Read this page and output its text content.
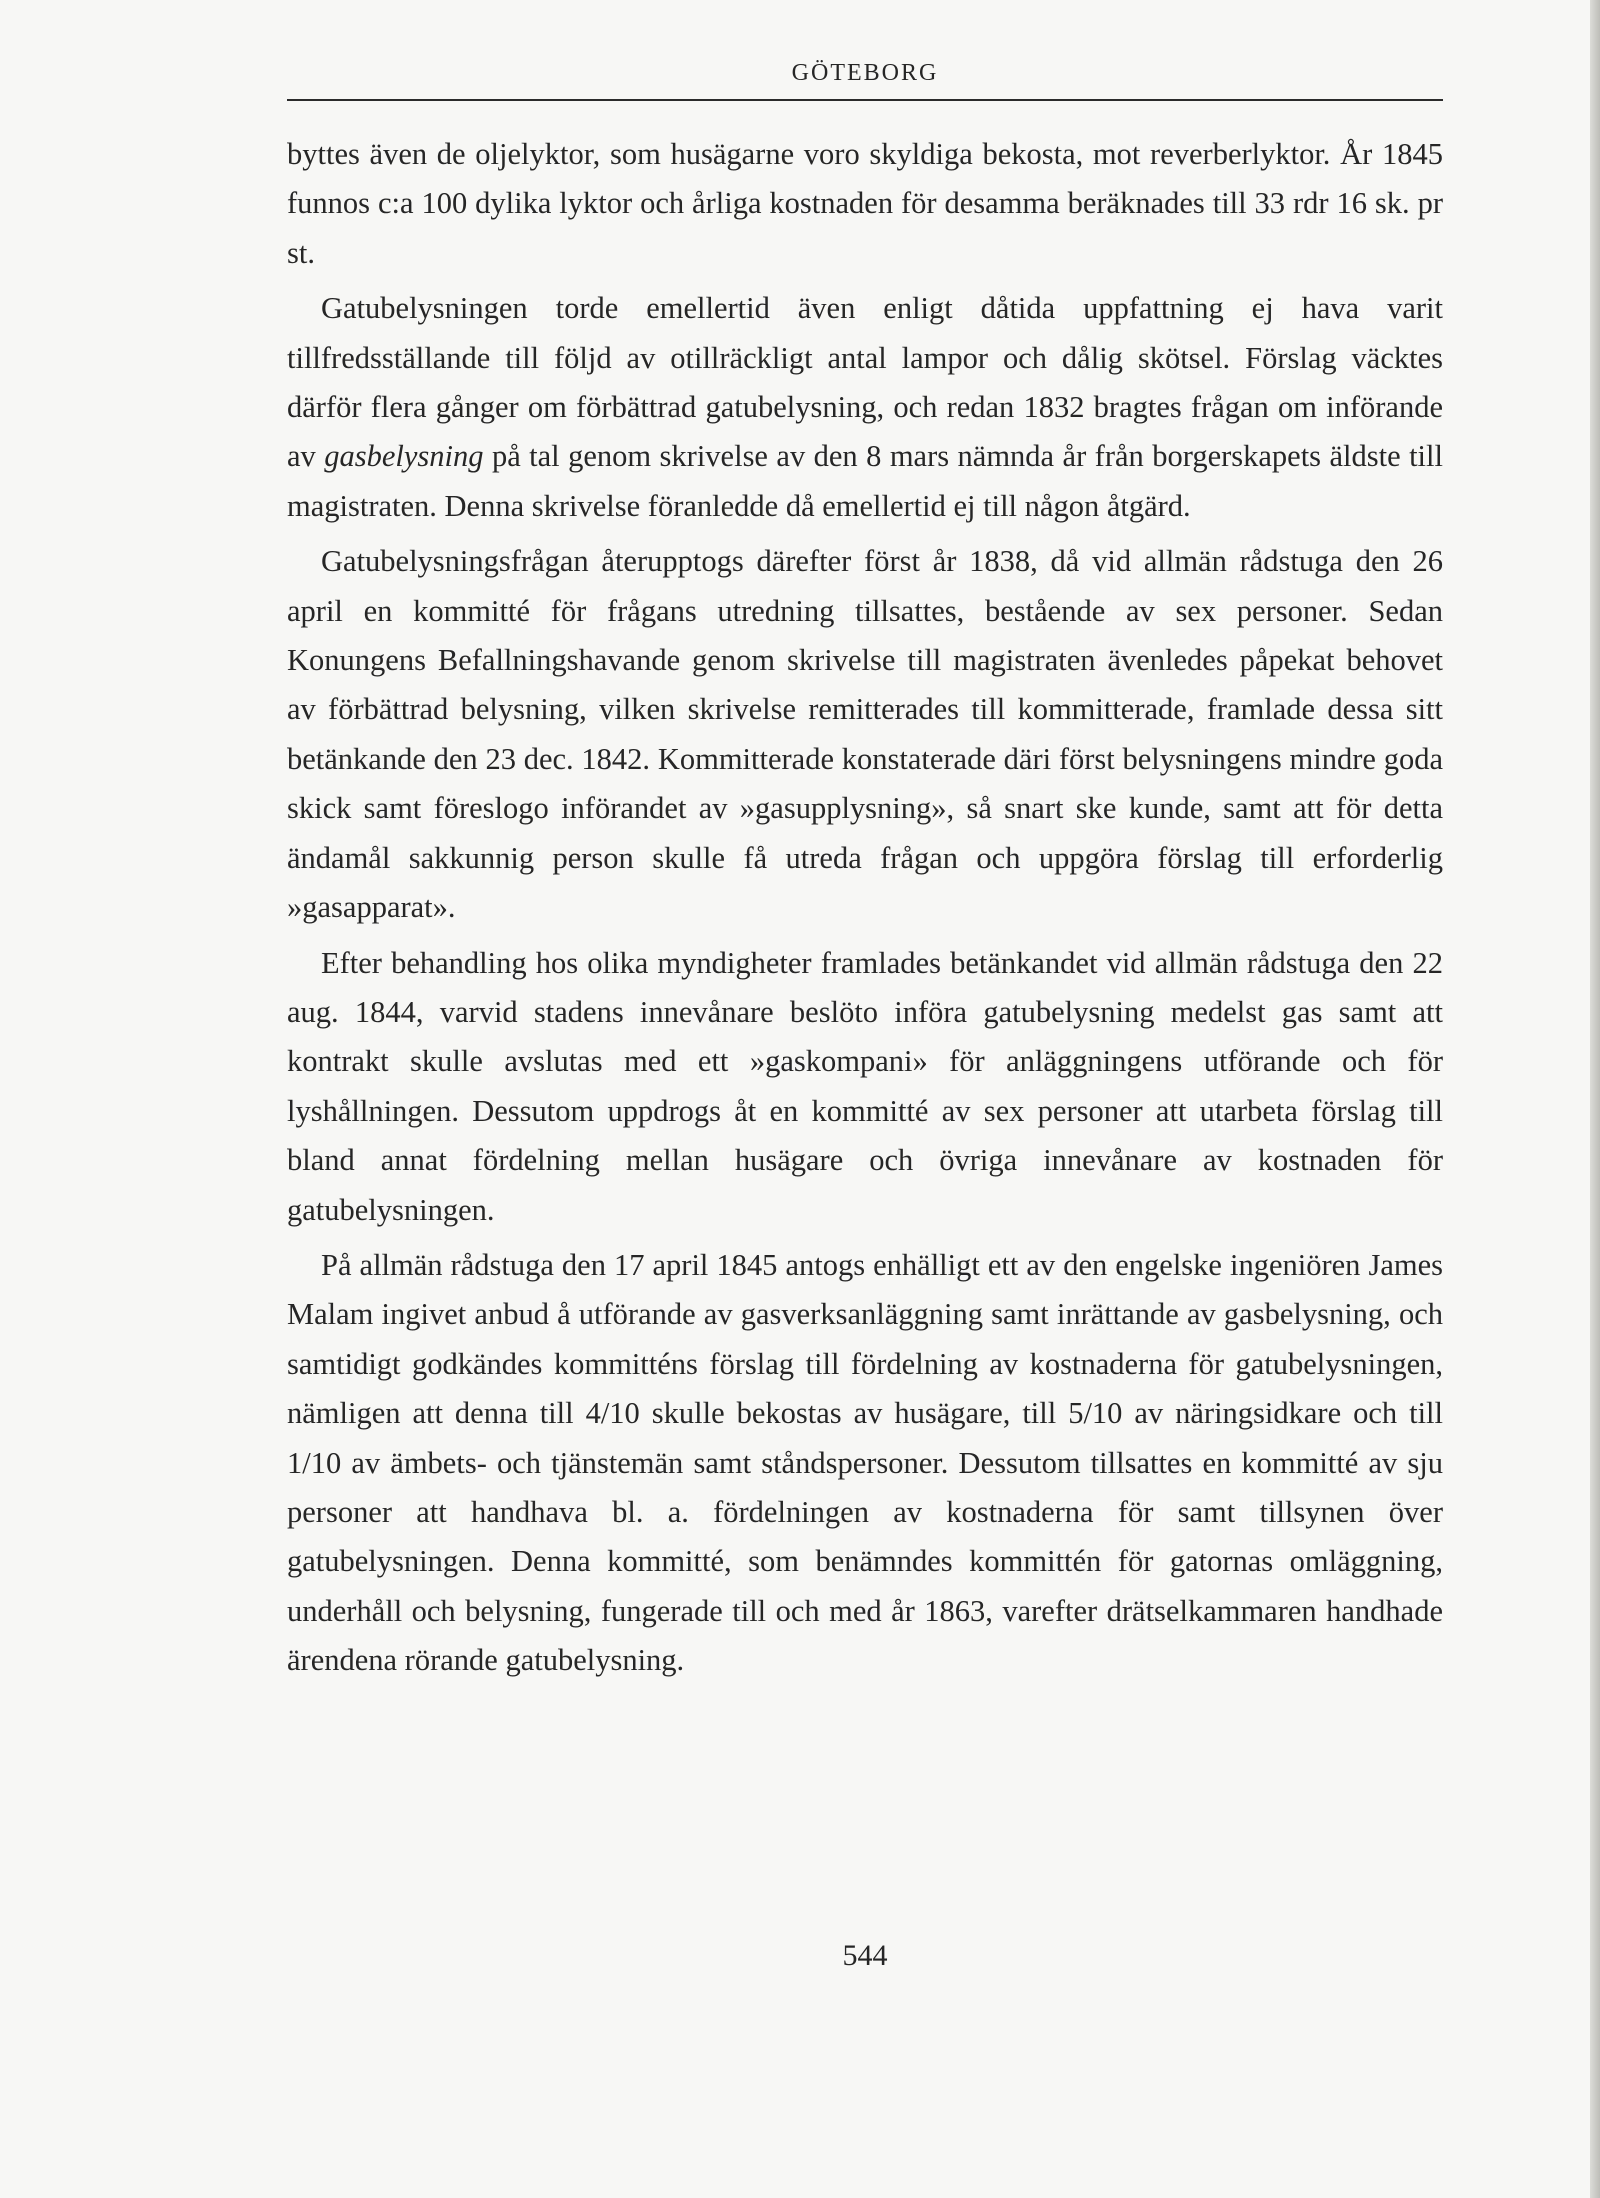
GÖTEBORG

byttes även de oljelyktor, som husägarne voro skyldiga bekosta, mot reverberlyktor. År 1845 funnos c:a 100 dylika lyktor och årliga kostnaden för desamma beräknades till 33 rdr 16 sk. pr st.

Gatubelysningen torde emellertid även enligt dåtida uppfattning ej hava varit tillfredsställande till följd av otillräckligt antal lampor och dålig skötsel. Förslag väcktes därför flera gånger om förbättrad gatubelysning, och redan 1832 bragtes frågan om införande av gasbelysning på tal genom skrivelse av den 8 mars nämnda år från borgerskapets äldste till magistraten. Denna skrivelse föranledde då emellertid ej till någon åtgärd.

Gatubelysningsfrågan återupptogs därefter först år 1838, då vid allmän rådstuga den 26 april en kommitté för frågans utredning tillsattes, bestående av sex personer. Sedan Konungens Befallningshavande genom skrivelse till magistraten ävenledes påpekat behovet av förbättrad belysning, vilken skrivelse remitterades till kommitterade, framlade dessa sitt betänkande den 23 dec. 1842. Kommitterade konstaterade däri först belysningens mindre goda skick samt föreslogo införandet av »gasupplysning», så snart ske kunde, samt att för detta ändamål sakkunnig person skulle få utreda frågan och uppgöra förslag till erforderlig »gasapparat».

Efter behandling hos olika myndigheter framlades betänkandet vid allmän rådstuga den 22 aug. 1844, varvid stadens innevånare beslöto införa gatubelysning medelst gas samt att kontrakt skulle avslutas med ett »gaskompani» för anläggningens utförande och för lyshållningen. Dessutom uppdrogs åt en kommitté av sex personer att utarbeta förslag till bland annat fördelning mellan husägare och övriga innevånare av kostnaden för gatubelysningen.

På allmän rådstuga den 17 april 1845 antogs enhälligt ett av den engelske ingeniören James Malam ingivet anbud å utförande av gasverksanläggning samt inrättande av gasbelysning, och samtidigt godkändes kommitténs förslag till fördelning av kostnaderna för gatubelysningen, nämligen att denna till 4/10 skulle bekostas av husägare, till 5/10 av näringsidkare och till 1/10 av ämbets- och tjänstemän samt ståndspersoner. Dessutom tillsattes en kommitté av sju personer att handhava bl. a. fördelningen av kostnaderna för samt tillsynen över gatubelysningen. Denna kommitté, som benämndes kommittén för gatornas omläggning, underhåll och belysning, fungerade till och med år 1863, varefter drätselkammaren handhade ärendena rörande gatubelysning.

544
